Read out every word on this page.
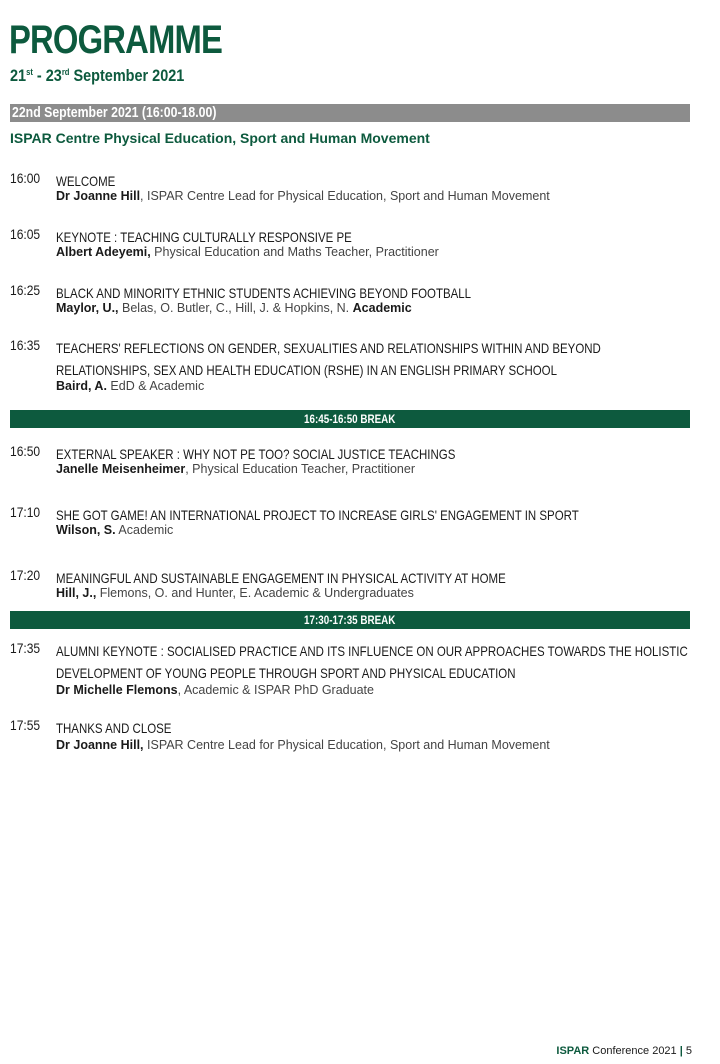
PROGRAMME
21st - 23rd September 2021
22nd September 2021 (16:00-18.00)
ISPAR Centre Physical Education, Sport and Human Movement
16:00 WELCOME
Dr Joanne Hill, ISPAR Centre Lead for Physical Education, Sport and Human Movement
16:05 KEYNOTE : TEACHING CULTURALLY RESPONSIVE PE
Albert Adeyemi, Physical Education and Maths Teacher, Practitioner
16:25 BLACK AND MINORITY ETHNIC STUDENTS ACHIEVING BEYOND FOOTBALL
Maylor, U., Belas, O. Butler, C., Hill, J. & Hopkins, N. Academic
16:35 TEACHERS' REFLECTIONS ON GENDER, SEXUALITIES AND RELATIONSHIPS WITHIN AND BEYOND
RELATIONSHIPS, SEX AND HEALTH EDUCATION (RSHE) IN AN ENGLISH PRIMARY SCHOOL
Baird, A. EdD & Academic
16:45-16:50 BREAK
16:50 EXTERNAL SPEAKER : WHY NOT PE TOO? SOCIAL JUSTICE TEACHINGS
Janelle Meisenheimer, Physical Education Teacher, Practitioner
17:10 SHE GOT GAME! AN INTERNATIONAL PROJECT TO INCREASE GIRLS' ENGAGEMENT IN SPORT
Wilson, S. Academic
17:20 MEANINGFUL AND SUSTAINABLE ENGAGEMENT IN PHYSICAL ACTIVITY AT HOME
Hill, J., Flemons, O. and Hunter, E. Academic & Undergraduates
17:30-17:35 BREAK
17:35 ALUMNI KEYNOTE : SOCIALISED PRACTICE AND ITS INFLUENCE ON OUR APPROACHES TOWARDS THE HOLISTIC
DEVELOPMENT OF YOUNG PEOPLE THROUGH SPORT AND PHYSICAL EDUCATION
Dr Michelle Flemons, Academic & ISPAR PhD Graduate
17:55 THANKS AND CLOSE
Dr Joanne Hill, ISPAR Centre Lead for Physical Education, Sport and Human Movement
ISPAR Conference 2021 | 5
